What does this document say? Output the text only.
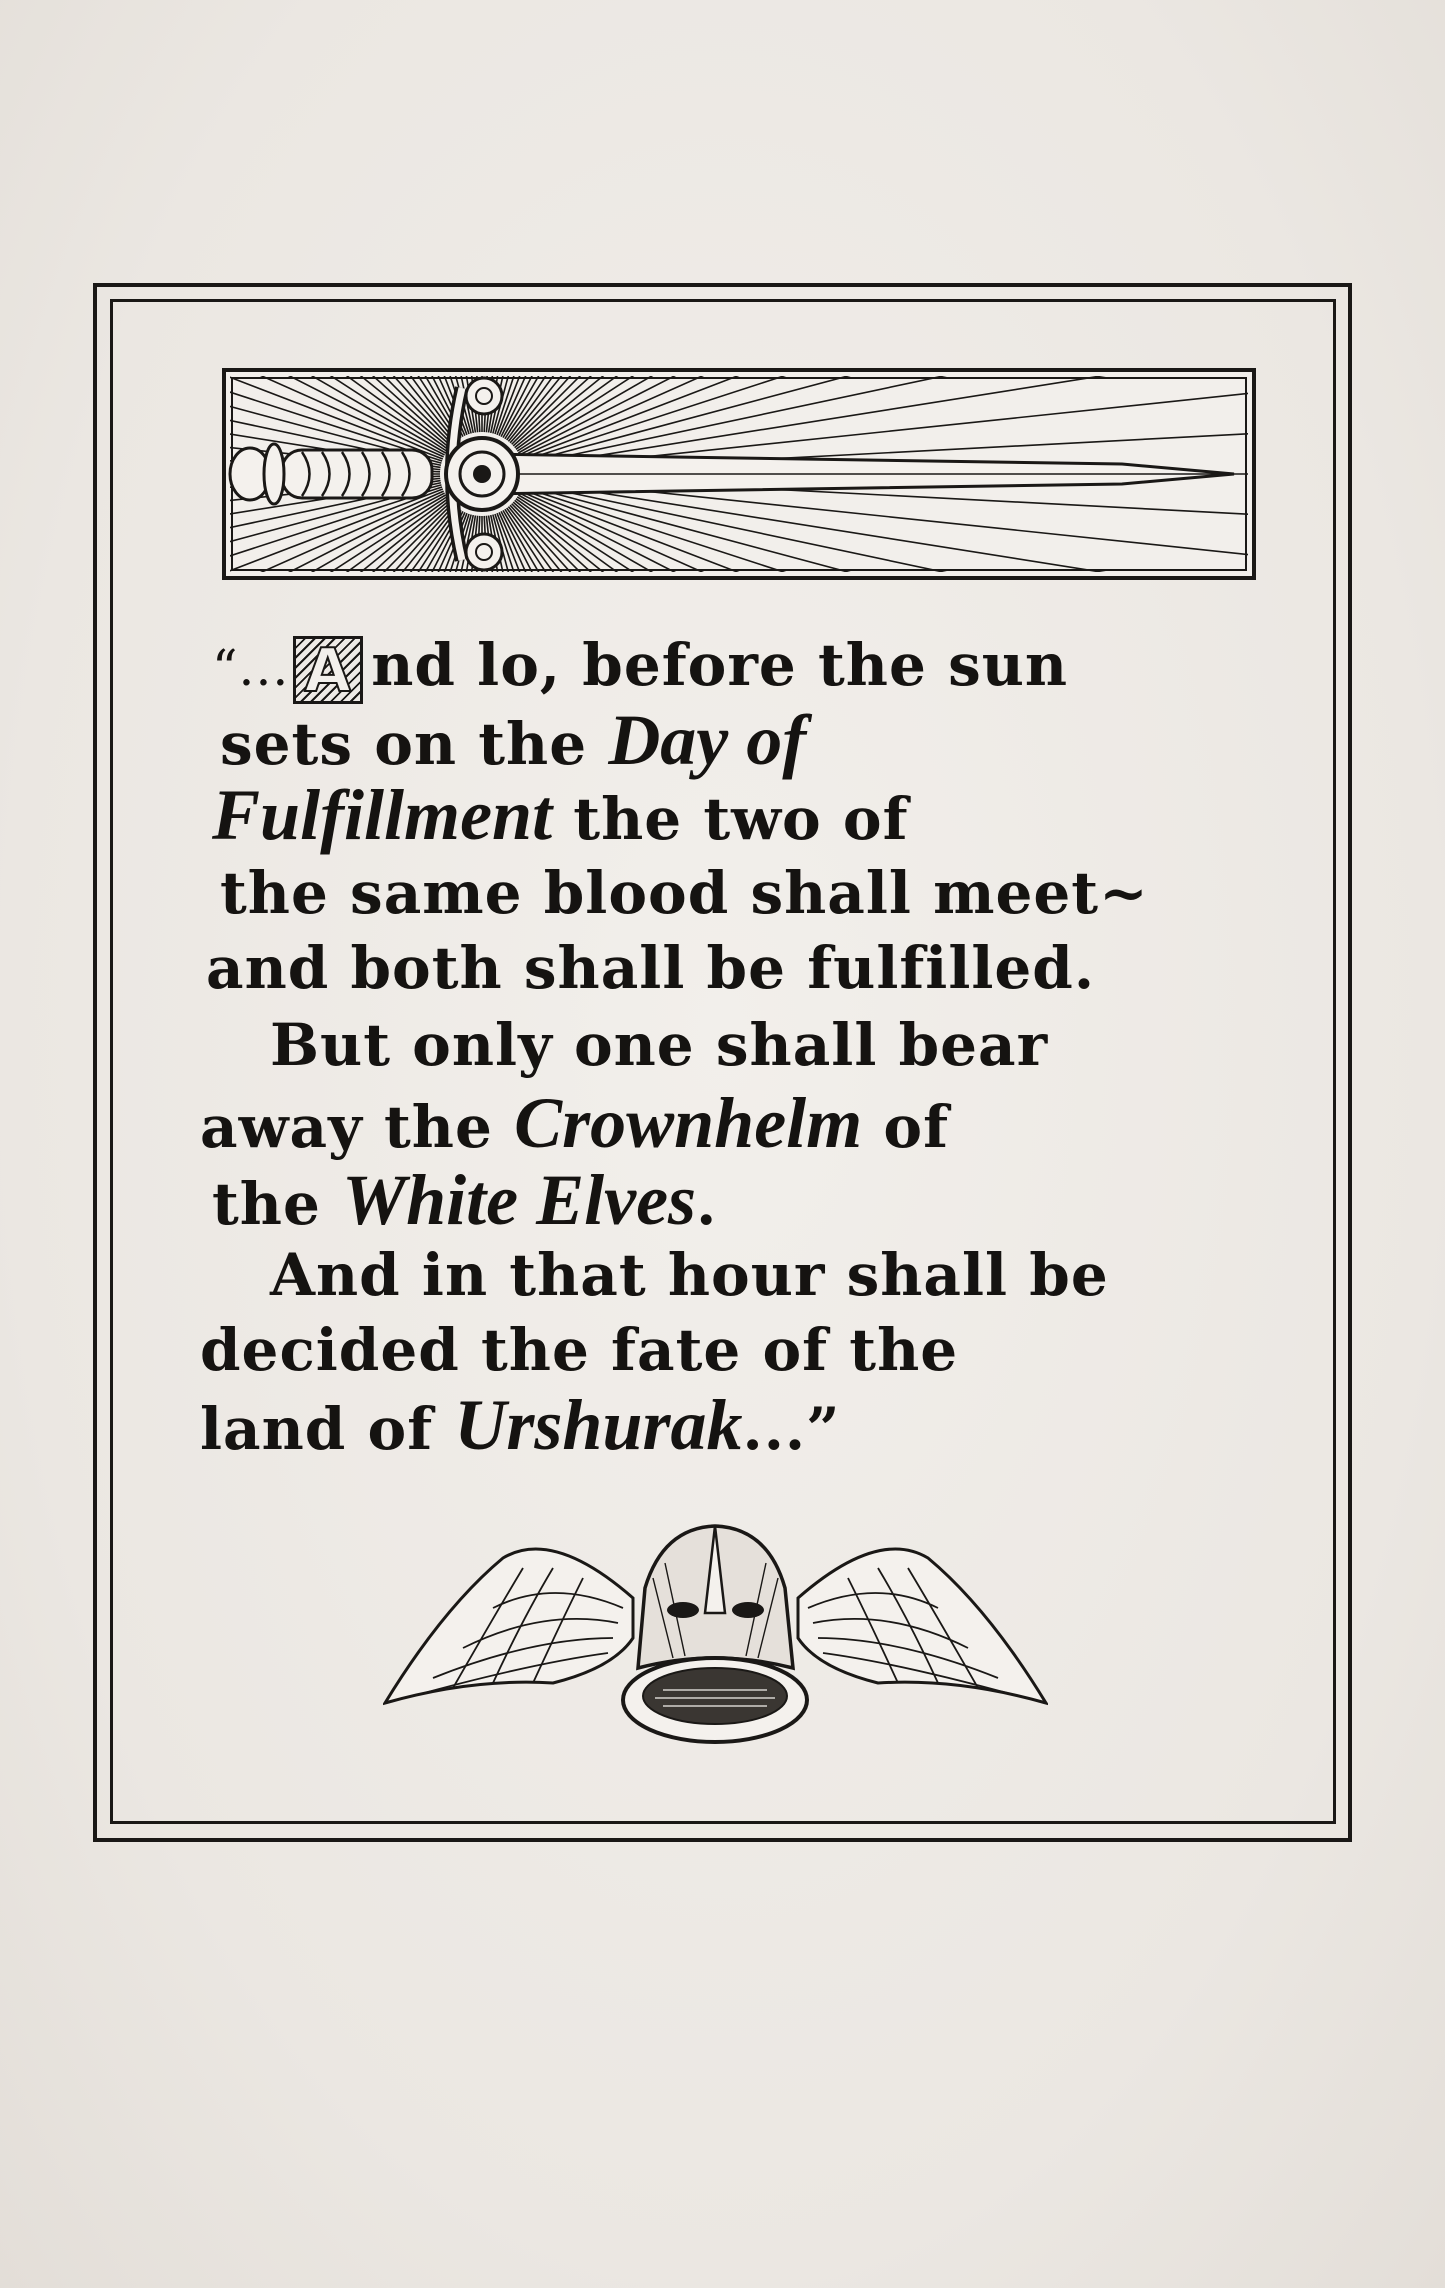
“... A nd lo, before the sun
sets on the Day of
Fulfillment the two of
the same blood shall meet~
and both shall be fulfilled.
But only one shall bear
away the Crownhelm of
the White Elves.
And in that hour shall be
decided the fate of the
land of Urshurak...”
